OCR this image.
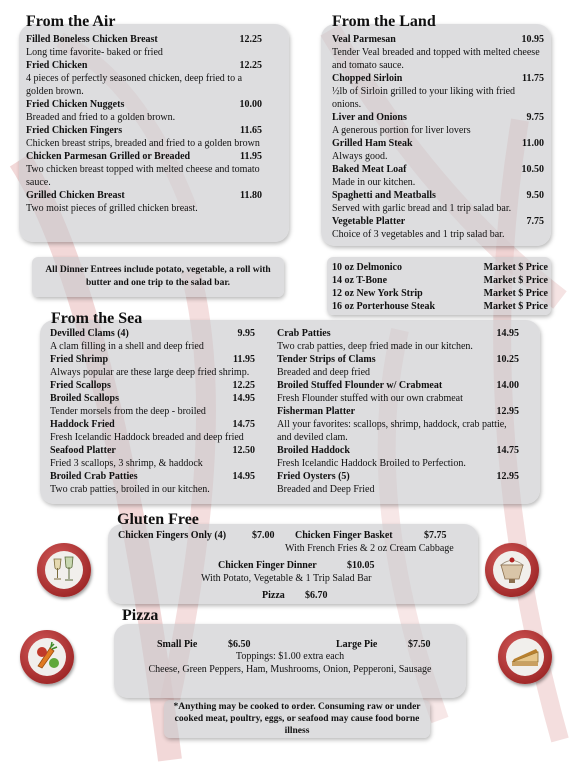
From the Air
Filled Boneless Chicken Breast	12.25
Long time favorite- baked or fried
Fried Chicken	12.25
4 pieces of perfectly seasoned chicken, deep fried to a golden brown.
Fried Chicken Nuggets	10.00
Breaded and fried to a golden brown.
Fried Chicken Fingers	11.65
Chicken breast strips, breaded and fried to a golden brown
Chicken Parmesan Grilled or Breaded	11.95
Two chicken breast topped with melted cheese and tomato sauce.
Grilled Chicken Breast	11.80
Two moist pieces of grilled chicken breast.
All Dinner Entrees include potato, vegetable, a roll with butter and one trip to the salad bar.
From the Land
Veal Parmesan	10.95
Tender Veal breaded and topped with melted cheese and tomato sauce.
Chopped Sirloin	11.75
½lb of Sirloin grilled to your liking with fried onions.
Liver and Onions	9.75
A generous portion for liver lovers
Grilled Ham Steak	11.00
Always good.
Baked Meat Loaf	10.50
Made in our kitchen.
Spaghetti and Meatballs	9.50
Served with garlic bread and 1 trip salad bar.
Vegetable Platter	7.75
Choice of 3 vegetables and 1 trip salad bar.
10 oz Delmonico	Market $ Price
14 oz T-Bone	Market $ Price
12 oz New York Strip	Market $ Price
16 oz Porterhouse Steak	Market $ Price
From the Sea
Devilled Clams (4)	9.95
A clam filling in a shell and deep fried
Fried Shrimp	11.95
Always popular are these large deep fried shrimp.
Fried Scallops	12.25
Broiled Scallops	14.95
Tender morsels from the deep - broiled
Haddock Fried	14.75
Fresh Icelandic Haddock breaded and deep fried
Seafood Platter	12.50
Fried 3 scallops, 3 shrimp, & haddock
Broiled Crab Patties	14.95
Two crab patties, broiled in our kitchen.
Crab Patties	14.95
Two crab patties, deep fried made in our kitchen.
Tender Strips of Clams	10.25
Breaded and deep fried
Broiled Stuffed Flounder w/ Crabmeat	14.00
Fresh Flounder stuffed with our own crabmeat
Fisherman Platter	12.95
All your favorites: scallops, shrimp, haddock, crab pattie, and deviled clam.
Broiled Haddock	14.75
Fresh Icelandic Haddock Broiled to Perfection.
Fried Oysters (5)	12.95
Breaded and Deep Fried
Gluten Free
Chicken Fingers Only (4)	$7.00 Chicken Finger Basket	$7.75
With French Fries & 2 oz Cream Cabbage
Chicken Finger Dinner	$10.05
With Potato, Vegetable & 1 Trip Salad Bar
Pizza $6.70
Pizza
Small Pie	$6.50	Large Pie	$7.50
Toppings: $1.00 extra each
Cheese, Green Peppers, Ham, Mushrooms, Onion, Pepperoni, Sausage
*Anything may be cooked to order. Consuming raw or under cooked meat, poultry, eggs, or seafood may cause food borne illness
